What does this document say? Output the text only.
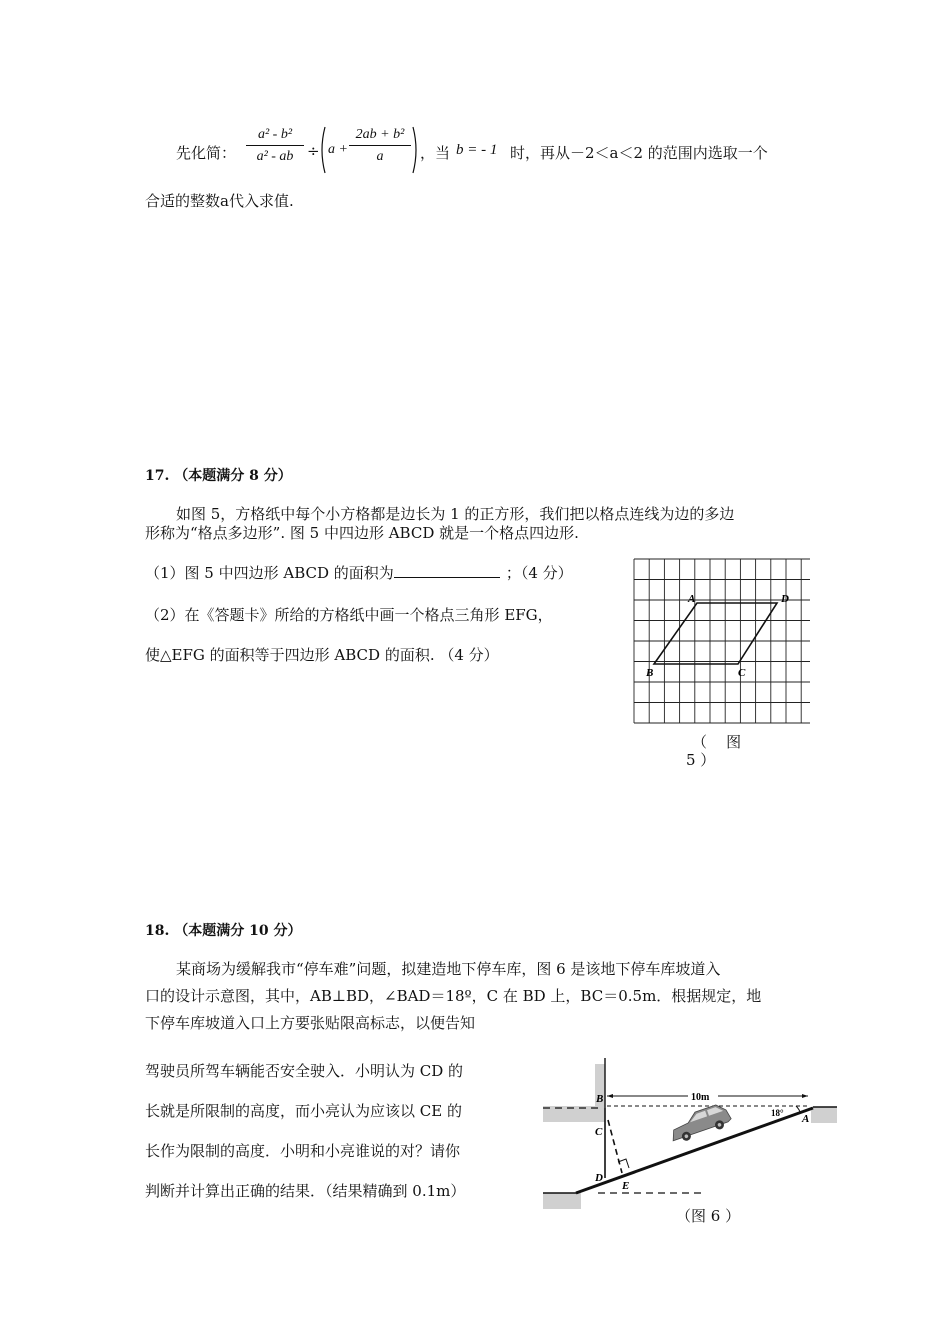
先化简： $\frac{\text{a² - b²}}{\text{a² - ab}} \div a + \frac{\text{2ab + b²}}{a}$ ，当 b = - 1 时，再从－2＜a＜2 的范围内选取一个
合适的整数a代入求值.
17. （本题满分 8 分）
如图 5，方格纸中每个小方格都是边长为 1 的正方形，我们把以格点连线为边的多边
形称为“格点多边形”. 图 5 中四边形 ABCD 就是一个格点四边形.
（1）图 5 中四边形 ABCD 的面积为	；（4 分）
（2）在《答题卡》所给的方格纸中画一个格点三角形 EFG，
使△EFG 的面积等于四边形 ABCD 的面积. （4 分）
A	D
B	C
（    图
5 ）
18. （本题满分 10 分）
某商场为缓解我市“停车难”问题，拟建造地下停车库，图 6 是该地下停车库坡道入
口的设计示意图，其中，AB⊥BD，∠BAD＝18º，C 在 BD 上，BC＝0.5m．根据规定，地
下停车库坡道入口上方要张贴限高标志，以便告知
驾驶员所驾车辆能否安全驶入．小明认为 CD 的
长就是所限制的高度，而小亮认为应该以 CE 的
长作为限制的高度．小明和小亮谁说的对？请你
判断并计算出正确的结果．（结果精确到 0.1m）
10m
18°
B
C
D
E
A
（图 6 ）
